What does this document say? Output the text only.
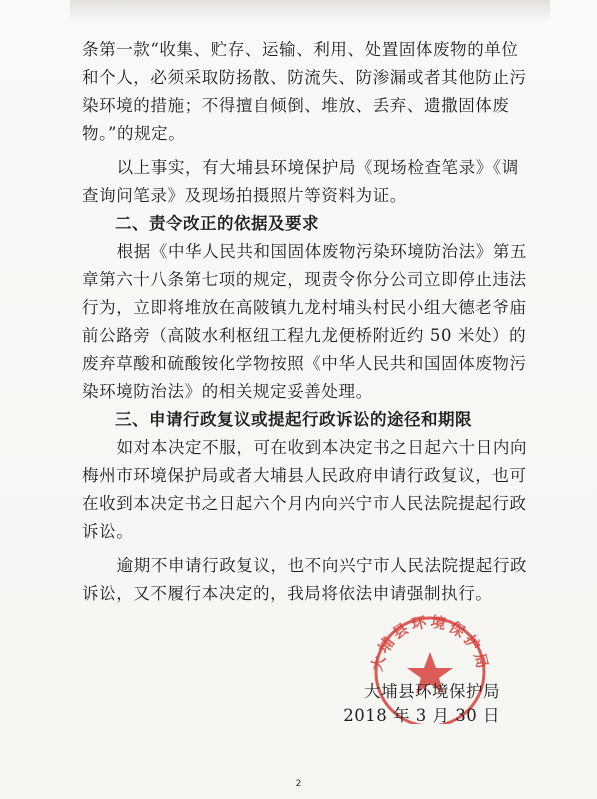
条第一款“收集、贮存、运输、利用、处置固体废物的单位和个人，必须采取防扬散、防流失、防渗漏或者其他防止污染环境的措施；不得擅自倾倒、堆放、丢弃、遗撒固体废物。”的规定。

以上事实，有大埔县环境保护局《现场检查笔录》《调查询问笔录》及现场拍摄照片等资料为证。

二、责令改正的依据及要求

根据《中华人民共和国固体废物污染环境防治法》第五章第六十八条第七项的规定，现责令你分公司立即停止违法行为，立即将堆放在高陂镇九龙村埔头村民小组大德老爷庙前公路旁（高陂水利枢纽工程九龙便桥附近约 50 米处）的废弃草酸和硫酸铵化学物按照《中华人民共和国固体废物污染环境防治法》的相关规定妥善处理。

三、申请行政复议或提起行政诉讼的途径和期限

如对本决定不服，可在收到本决定书之日起六十日内向梅州市环境保护局或者大埔县人民政府申请行政复议，也可在收到本决定书之日起六个月内向兴宁市人民法院提起行政诉讼。

逾期不申请行政复议，也不向兴宁市人民法院提起行政诉讼，又不履行本决定的，我局将依法申请强制执行。

大埔县环境保护局
大埔县环境保护局
2018 年 3 月 30 日
2
